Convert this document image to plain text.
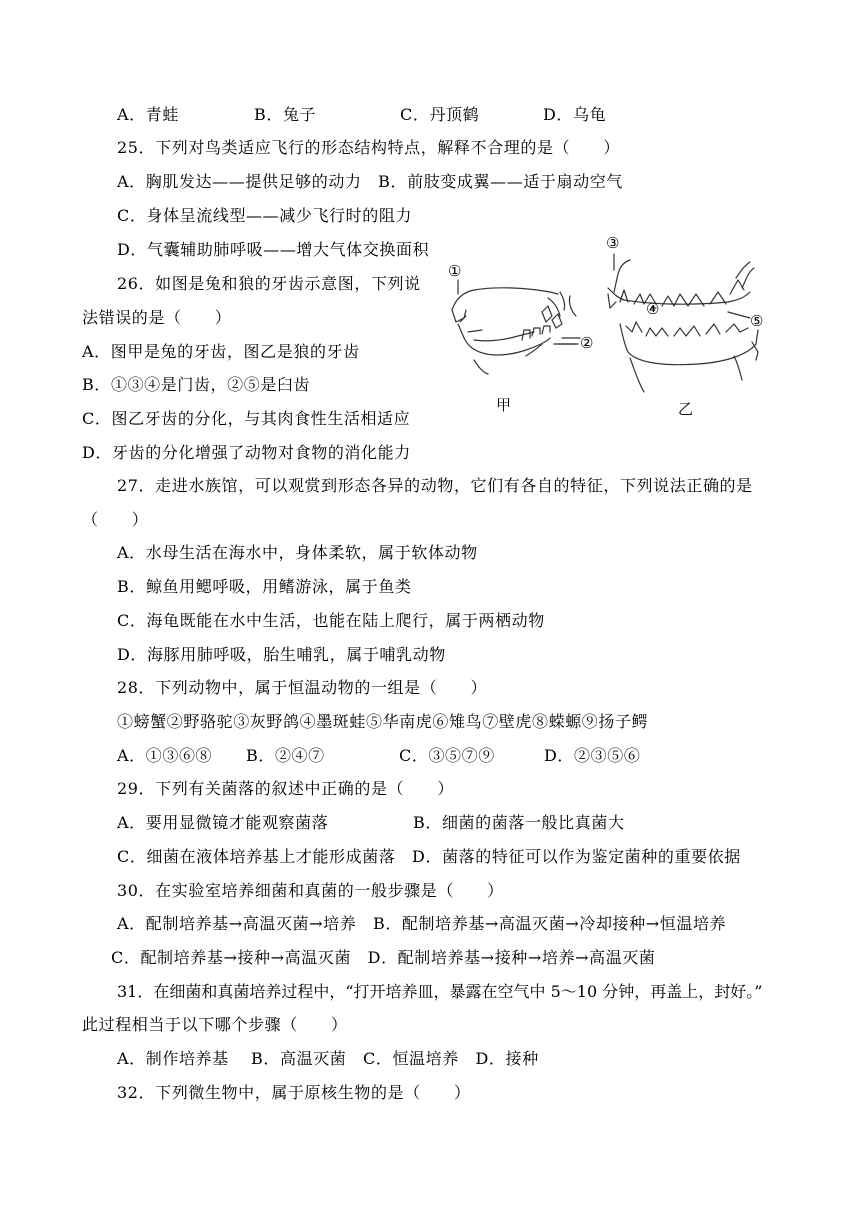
A．青蛙	B．兔子	C．丹顶鹤	D．乌龟
25．下列对鸟类适应飞行的形态结构特点，解释不合理的是（　　）
A．胸肌发达——提供足够的动力　B．前肢变成翼——适于扇动空气
C．身体呈流线型——减少飞行时的阻力
D．气囊辅助肺呼吸——增大气体交换面积
26．如图是兔和狼的牙齿示意图，下列说
法错误的是（　　）
A．图甲是兔的牙齿，图乙是狼的牙齿
B．①③④是门齿，②⑤是臼齿
C．图乙牙齿的分化，与其肉食性生活相适应
D．牙齿的分化增强了动物对食物的消化能力
①
②
③
④
⑤
甲	乙
27．走进水族馆，可以观赏到形态各异的动物，它们有各自的特征，下列说法正确的是
（　　）
A．水母生活在海水中，身体柔软，属于软体动物
B．鲸鱼用鳃呼吸，用鳍游泳，属于鱼类
C．海龟既能在水中生活，也能在陆上爬行，属于两栖动物
D．海豚用肺呼吸，胎生哺乳，属于哺乳动物
28．下列动物中，属于恒温动物的一组是（　　）
①螃蟹②野骆驼③灰野鸽④墨斑蛙⑤华南虎⑥雉鸟⑦壁虎⑧蝾螈⑨扬子鳄
A．①③⑥⑧ B．②④⑦	C．③⑤⑦⑨	D．②③⑤⑥
29．下列有关菌落的叙述中正确的是（　　）
A．要用显微镜才能观察菌落	B．细菌的菌落一般比真菌大
C．细菌在液体培养基上才能形成菌落　D．菌落的特征可以作为鉴定菌种的重要依据
30．在实验室培养细菌和真菌的一般步骤是（　　）
A．配制培养基→高温灭菌→培养　B．配制培养基→高温灭菌→冷却接种→恒温培养
C．配制培养基→接种→高温灭菌　D．配制培养基→接种→培养→高温灭菌
31．在细菌和真菌培养过程中，“打开培养皿，暴露在空气中 5～10 分钟，再盖上，封好。”
此过程相当于以下哪个步骤（　　）
A．制作培养基　 B．高温灭菌　C．恒温培养　D．接种
32．下列微生物中，属于原核生物的是（　　）
